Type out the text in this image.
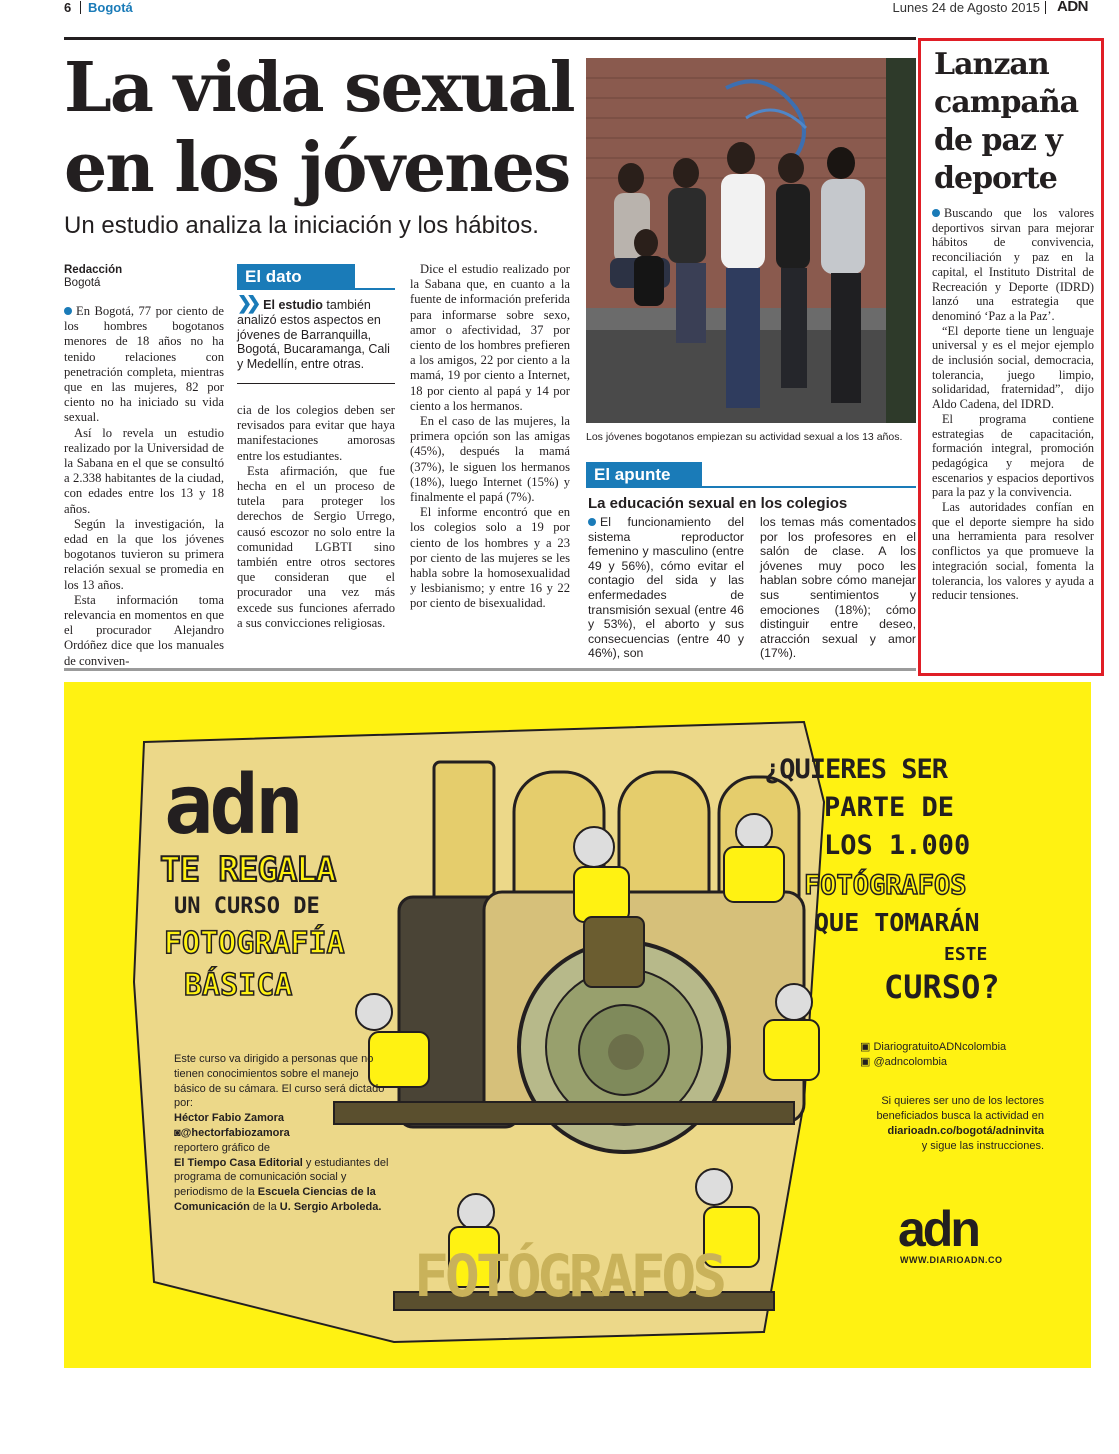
6 Bogotá	Lunes 24 de Agosto 2015 ADN
La vida sexual en los jóvenes
Un estudio analiza la iniciación y los hábitos.
Los jóvenes bogotanos empiezan su actividad sexual a los 13 años.
Redacción
Bogotá

En Bogotá, 77 por ciento de los hombres bogotanos menores de 18 años no ha tenido relaciones con penetración completa, mientras que en las mujeres, 82 por ciento no ha iniciado su vida sexual.

Así lo revela un estudio realizado por la Universidad de la Sabana en el que se consultó a 2.338 habitantes de la ciudad, con edades entre los 13 y 18 años.

Según la investigación, la edad en la que los jóvenes bogotanos tuvieron su primera relación sexual se promedia en los 13 años.

Esta información toma relevancia en momentos en que el procurador Alejandro Ordóñez dice que los manuales de conviven-

El dato
❯❯ El estudio también analizó estos aspectos en jóvenes de Barranquilla, Bogotá, Bucaramanga, Cali y Medellín, entre otras.

cia de los colegios deben ser revisados para evitar que haya manifestaciones amorosas entre los estudiantes.

Esta afirmación, que fue hecha en el un proceso de tutela para proteger los derechos de Sergio Urrego, causó escozor no solo entre la comunidad LGBTI sino también entre otros sectores que consideran que el procurador una vez más excede sus funciones aferrado a sus convicciones religiosas.

Dice el estudio realizado por la Sabana que, en cuanto a la fuente de información preferida para informarse sobre sexo, amor o afectividad, 37 por ciento de los hombres prefieren a los amigos, 22 por ciento a la mamá, 19 por ciento a Internet, 18 por ciento al papá y 14 por ciento a los hermanos.

En el caso de las mujeres, la primera opción son las amigas (45%), después la mamá (37%), le siguen los hermanos (18%), luego Internet (15%) y finalmente el papá (7%).

El informe encontró que en los colegios solo a 19 por ciento de los hombres y a 23 por ciento de las mujeres se les habla sobre la homosexualidad y lesbianismo; y entre 16 y 22 por ciento de bisexualidad.

El apunte
La educación sexual en los colegios
El funcionamiento del sistema reproductor femenino y masculino (entre 49 y 56%), cómo evitar el contagio del sida y las enfermedades de transmisión sexual (entre 46 y 53%), el aborto y sus consecuencias (entre 40 y 46%), son
los temas más comentados por los profesores en el salón de clase. A los jóvenes muy poco les hablan sobre cómo manejar sus sentimientos y emociones (18%); cómo distinguir entre deseo, atracción sexual y amor (17%).
Lanzan campaña de paz y deporte

Buscando que los valores deportivos sirvan para mejorar hábitos de convivencia, reconciliación y paz en la capital, el Instituto Distrital de Recreación y Deporte (IDRD) lanzó una estrategia que denominó ‘Paz a la Paz’.

“El deporte tiene un lenguaje universal y es el mejor ejemplo de inclusión social, democracia, tolerancia, juego limpio, solidaridad, fraternidad”, dijo Aldo Cadena, del IDRD.

El programa contiene estrategias de capacitación, formación integral, promoción pedagógica y mejora de escenarios y espacios deportivos para la paz y la convivencia.

Las autoridades confían en que el deporte siempre ha sido una herramienta para resolver conflictos ya que promueve la integración social, fomenta la tolerancia, los valores y ayuda a reducir tensiones.

adn
TE REGALA
UN CURSO DE
FOTOGRAFÍA
BÁSICA
FOTÓGRAFOS
¿QUIERES SER
PARTE DE
LOS 1.000
FOTÓGRAFOS
QUE TOMARÁN
ESTE
CURSO?
Este curso va dirigido a personas que no tienen conocimientos sobre el manejo básico de su cámara. El curso será dictado por:
Héctor Fabio Zamora
◙@hectorfabiozamora
reportero gráfico de
El Tiempo Casa Editorial y estudiantes del programa de comunicación social y periodismo de la Escuela Ciencias de la Comunicación de la U. Sergio Arboleda.
▣ DiariogratuitoADNcolombia
▣ @adncolombia
Si quieres ser uno de los lectores beneficiados busca la actividad en
diarioadn.co/bogotá/adninvita
y sigue las instrucciones.
adn
WWW.DIARIOADN.CO
